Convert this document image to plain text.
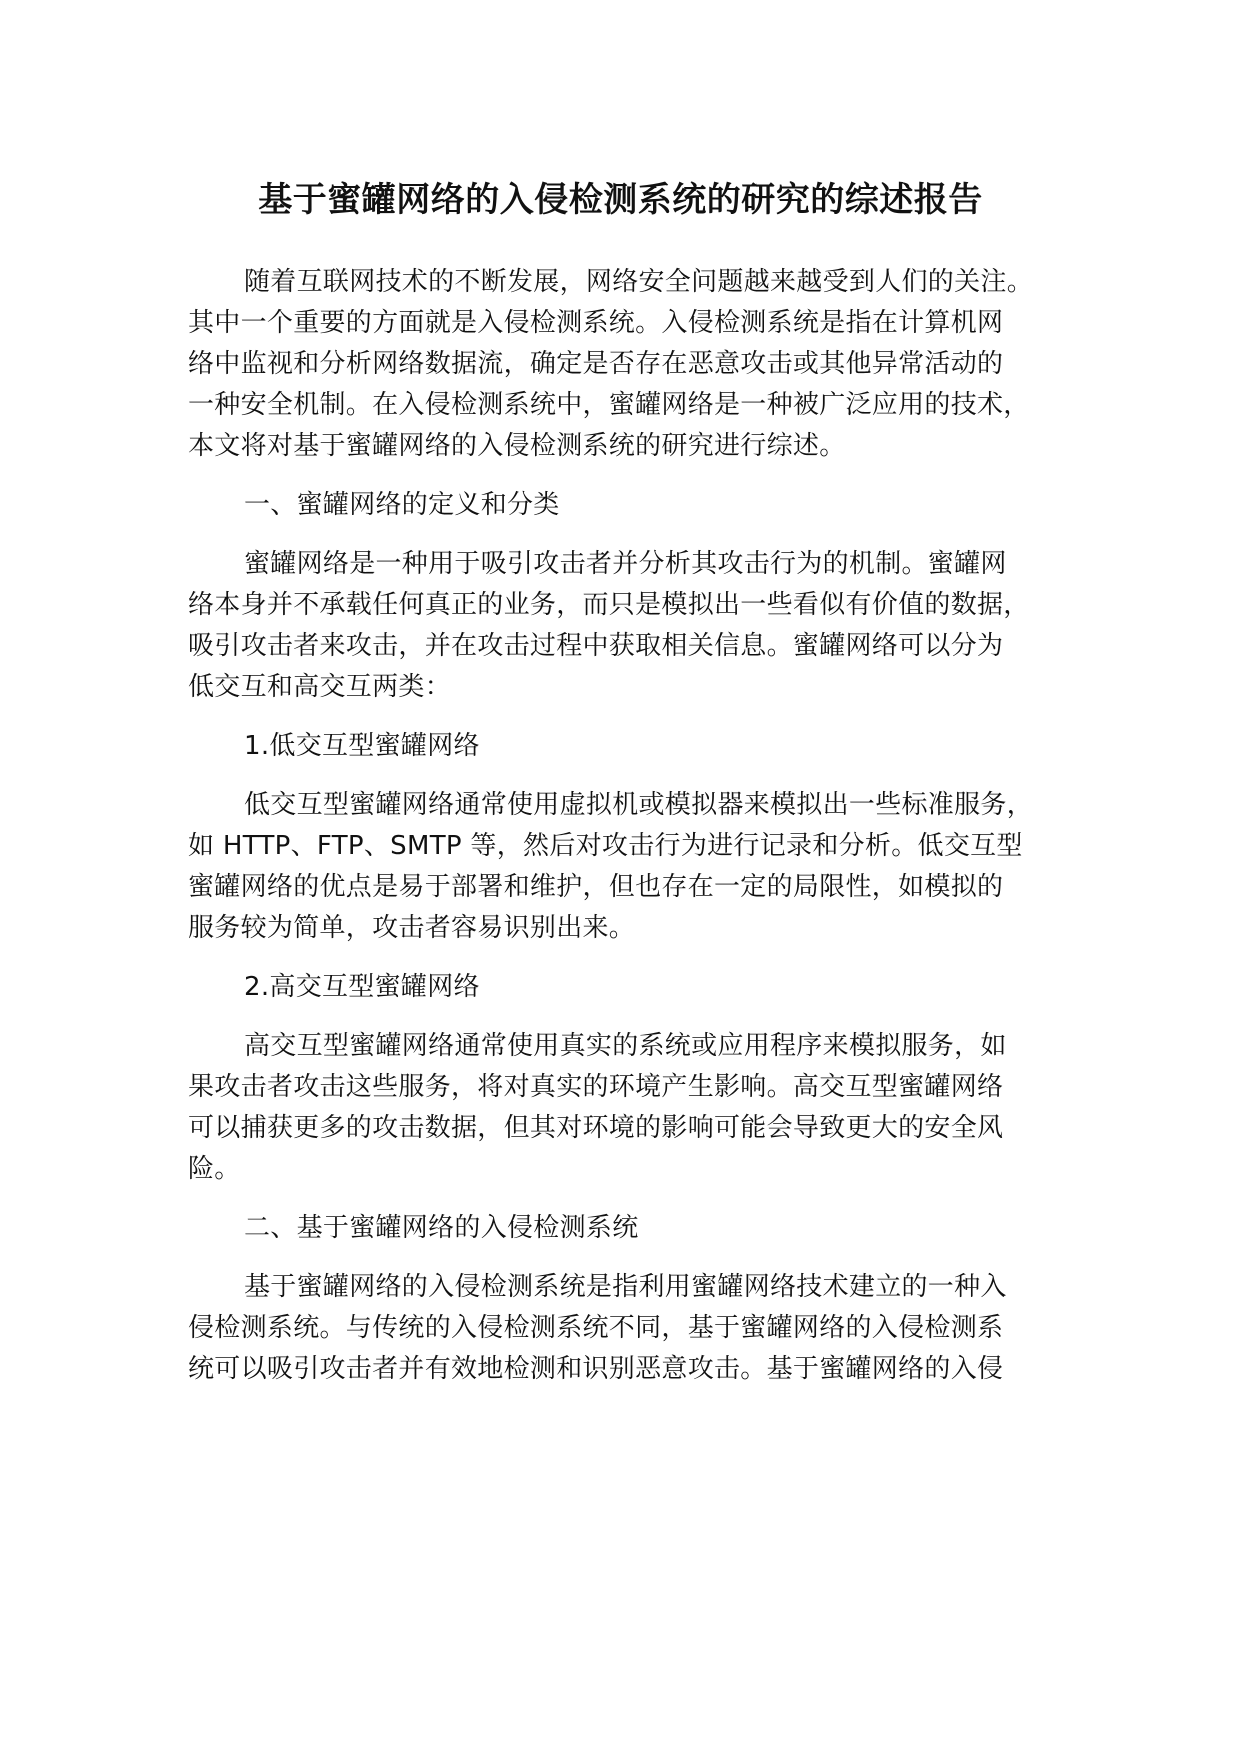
基于蜜罐网络的入侵检测系统的研究的综述报告
随着互联网技术的不断发展，网络安全问题越来越受到人们的关注。
其中一个重要的方面就是入侵检测系统。入侵检测系统是指在计算机网
络中监视和分析网络数据流，确定是否存在恶意攻击或其他异常活动的
一种安全机制。在入侵检测系统中，蜜罐网络是一种被广泛应用的技术，
本文将对基于蜜罐网络的入侵检测系统的研究进行综述。
一、蜜罐网络的定义和分类
蜜罐网络是一种用于吸引攻击者并分析其攻击行为的机制。蜜罐网
络本身并不承载任何真正的业务，而只是模拟出一些看似有价值的数据，
吸引攻击者来攻击，并在攻击过程中获取相关信息。蜜罐网络可以分为
低交互和高交互两类：
1.低交互型蜜罐网络
低交互型蜜罐网络通常使用虚拟机或模拟器来模拟出一些标准服务，
如 HTTP、FTP、SMTP 等，然后对攻击行为进行记录和分析。低交互型
蜜罐网络的优点是易于部署和维护，但也存在一定的局限性，如模拟的
服务较为简单，攻击者容易识别出来。
2.高交互型蜜罐网络
高交互型蜜罐网络通常使用真实的系统或应用程序来模拟服务，如
果攻击者攻击这些服务，将对真实的环境产生影响。高交互型蜜罐网络
可以捕获更多的攻击数据，但其对环境的影响可能会导致更大的安全风
险。
二、基于蜜罐网络的入侵检测系统
基于蜜罐网络的入侵检测系统是指利用蜜罐网络技术建立的一种入
侵检测系统。与传统的入侵检测系统不同，基于蜜罐网络的入侵检测系
统可以吸引攻击者并有效地检测和识别恶意攻击。基于蜜罐网络的入侵
